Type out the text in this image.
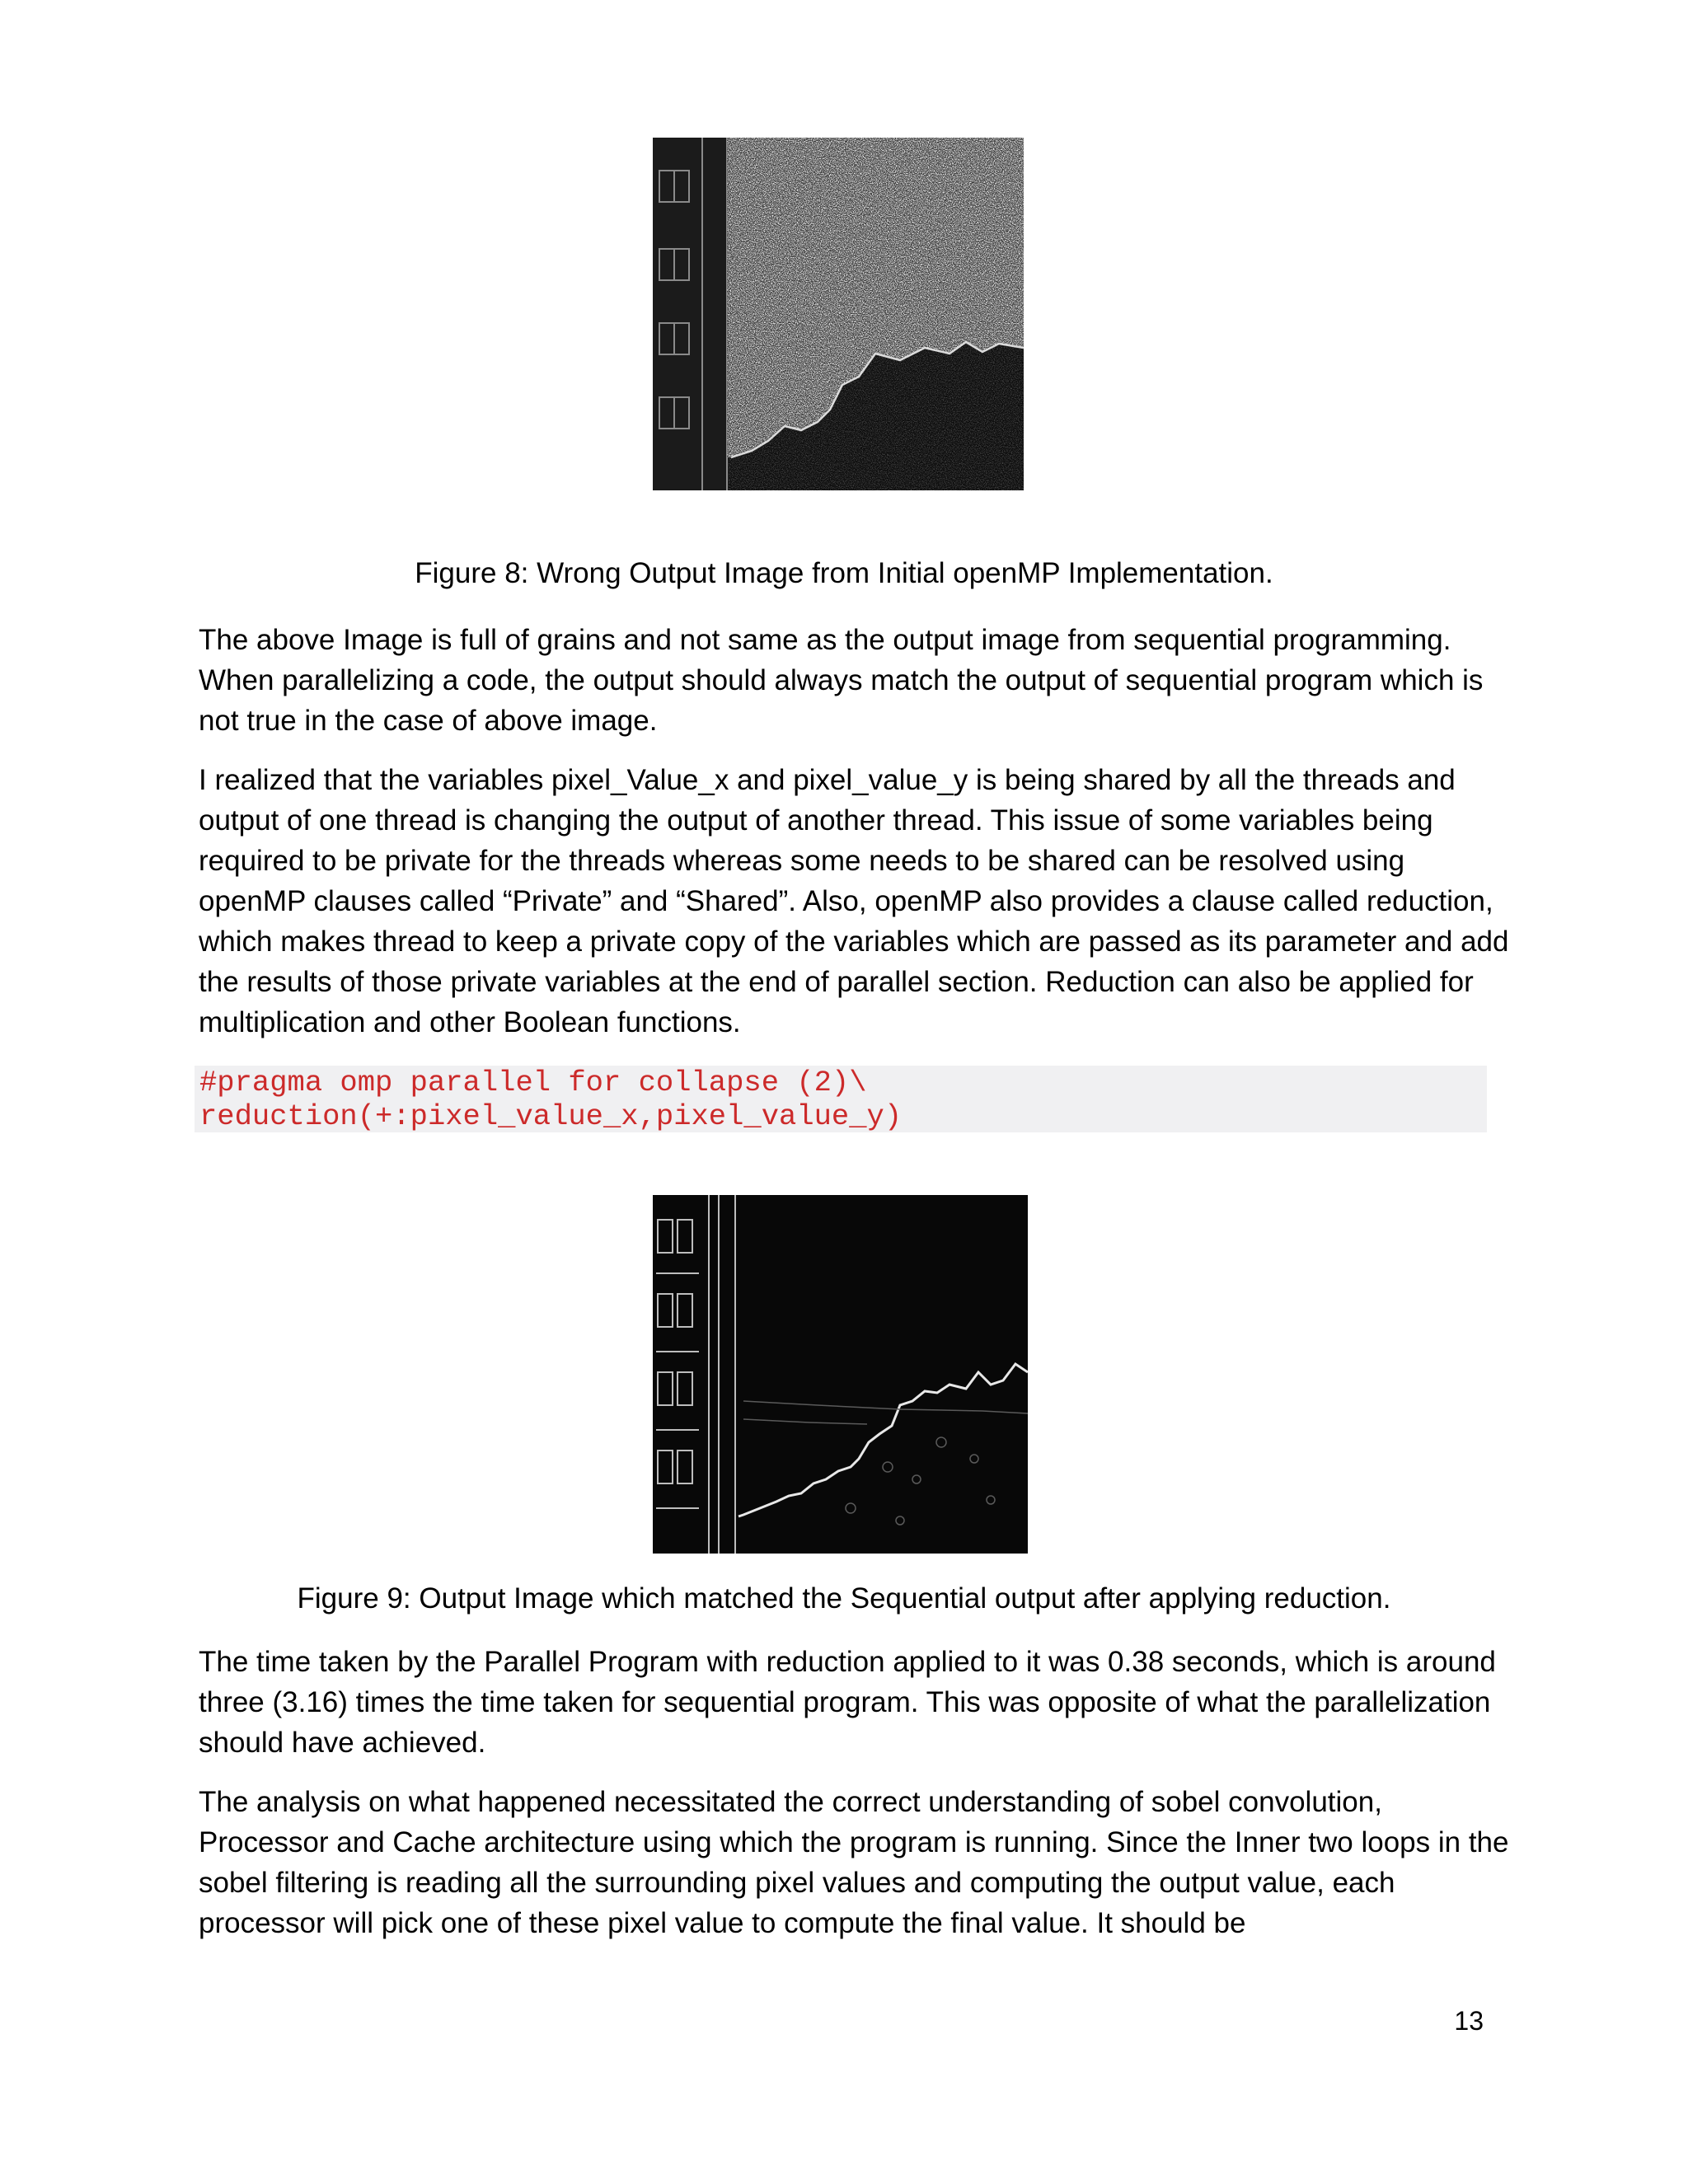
Figure 8: Wrong Output Image from Initial openMP Implementation.

The above Image is full of grains and not same as the output image from sequential programming. When parallelizing a code, the output should always match the output of sequential program which is not true in the case of above image.

I realized that the variables pixel_Value_x and pixel_value_y is being shared by all the threads and output of one thread is changing the output of another thread. This issue of some variables being required to be private for the threads whereas some needs to be shared can be resolved using openMP clauses called “Private” and “Shared”. Also, openMP also provides a clause called reduction, which makes thread to keep a private copy of the variables which are passed as its parameter and add the results of those private variables at the end of parallel section. Reduction can also be applied for multiplication and other Boolean functions.

#pragma omp parallel for collapse (2)\

reduction(+:pixel_value_x,pixel_value_y)

Figure 9: Output Image which matched the Sequential output after applying reduction.

The time taken by the Parallel Program with reduction applied to it was 0.38 seconds, which is around three (3.16) times the time taken for sequential program. This was opposite of what the parallelization should have achieved.

The analysis on what happened necessitated the correct understanding of sobel convolution, Processor and Cache architecture using which the program is running. Since the Inner two loops in the sobel filtering is reading all the surrounding pixel values and computing the output value, each processor will pick one of these pixel value to compute the final value. It should be

13
